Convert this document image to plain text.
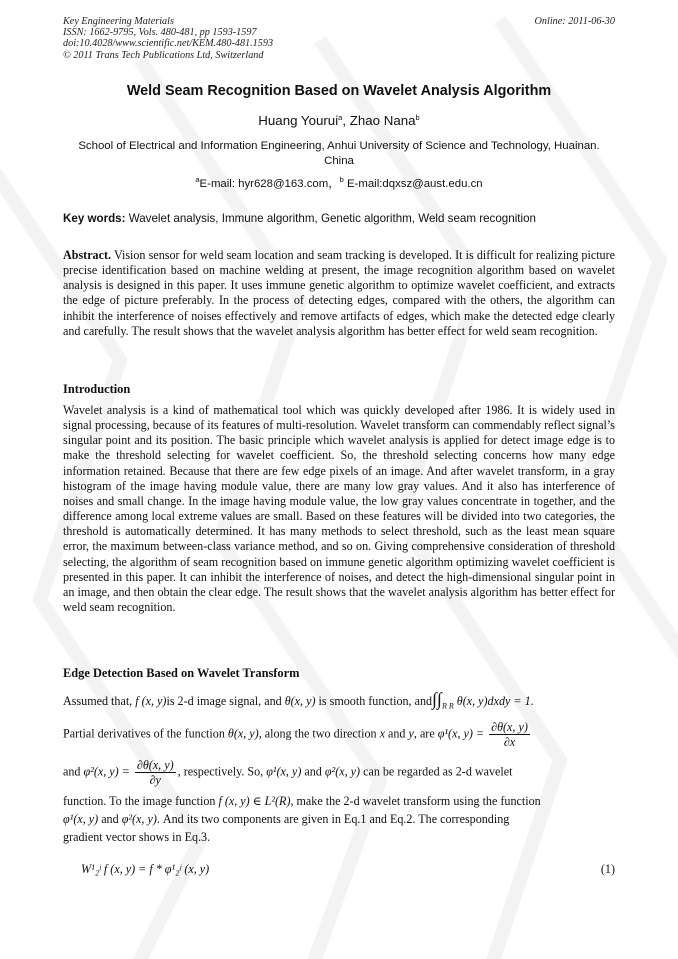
Key Engineering Materials
ISSN: 1662-9795, Vols. 480-481, pp 1593-1597
doi:10.4028/www.scientific.net/KEM.480-481.1593
© 2011 Trans Tech Publications Ltd, Switzerland
Online: 2011-06-30
Weld Seam Recognition Based on Wavelet Analysis Algorithm
Huang Yourui$^a$, Zhao Nana$^b$
School of Electrical and Information Engineering, Anhui University of Science and Technology, Huainan. China
$^a$E-mail: hyr628@163.com，$^b$ E-mail:dqxsz@aust.edu.cn
Key words: Wavelet analysis, Immune algorithm, Genetic algorithm, Weld seam recognition

Abstract. Vision sensor for weld seam location and seam tracking is developed. It is difficult for realizing picture precise identification based on machine welding at present, the image recognition algorithm based on wavelet analysis is designed in this paper. It uses immune genetic algorithm to optimize wavelet coefficient, and extracts the edge of picture preferably. In the process of detecting edges, compared with the others, the algorithm can inhibit the interference of noises effectively and remove artifacts of edges, which make the detected edge clearly and carefully. The result shows that the wavelet analysis algorithm has better effect for weld seam recognition.

Introduction

Wavelet analysis is a kind of mathematical tool which was quickly developed after 1986. It is widely used in signal processing, because of its features of multi-resolution. Wavelet transform can commendably reflect signal’s singular point and its position. The basic principle which wavelet analysis is applied for detect image edge is to make the threshold selecting for wavelet coefficient. So, the threshold selecting concerns how many edge information retained. Because that there are few edge pixels of an image. And after wavelet transform, in a gray histogram of the image having module value, there are many low gray values. And it also has interference of noises and small change. In the image having module value, the low gray values concentrate in together, and the difference among local extreme values are small. Based on these features will be divided into two categories, the threshold is automatically determined. It has many methods to select threshold, such as the least mean square error, the maximum between-class variance method, and so on. Giving comprehensive consideration of threshold selecting, the algorithm of seam recognition based on immune genetic algorithm optimizing wavelet coefficient is presented in this paper. It can inhibit the interference of noises, and detect the high-dimensional singular point in an image, and then obtain the clear edge. The result shows that the wavelet analysis algorithm has better effect for weld seam recognition.

Edge Detection Based on Wavelet Transform
Assumed that, f (x, y)is 2-d image signal, and θ(x, y) is smooth function, $and\int\int_{R R}$ θ(x, y)dxdy = 1.
Partial derivatives of the function θ(x, y), along the two direction x and y, are φ¹(x, $y) = \frac{\partial\theta(x, y)}{\partial x}$
and φ²(x, $y) = \frac{\partial\theta(x, y)}{\partial y}$ , respectively. So, φ¹(x, y) and φ²(x, y) can be regarded as 2-d wavelet
function. To the image function f (x, y) ∈ L²(R), make the 2-d wavelet transform using the function
φ¹(x, y) and φ²(x, y). And its two components are given in Eq.1 and Eq.2. The corresponding
gradient vector shows in Eq.3.
W¹₂ʲ f (x, y) = f * φ¹₂ʲ (x, y)	(1)
